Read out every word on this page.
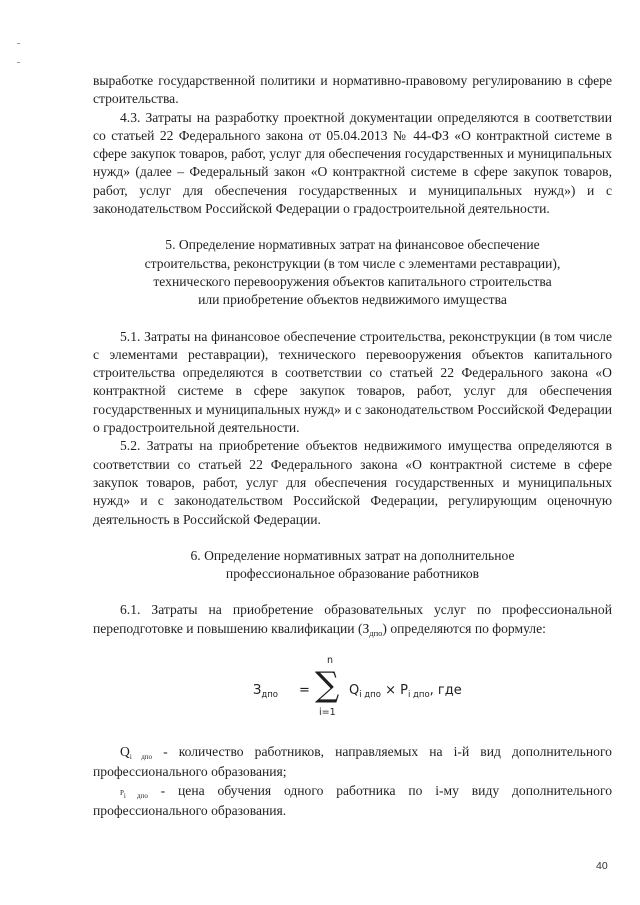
выработке государственной политики и нормативно-правовому регулированию в сфере строительства.

4.3. Затраты на разработку проектной документации определяются в соответствии со статьей 22 Федерального закона от 05.04.2013 № 44-ФЗ «О контрактной системе в сфере закупок товаров, работ, услуг для обеспечения государственных и муниципальных нужд» (далее – Федеральный закон «О контрактной системе в сфере закупок товаров, работ, услуг для обеспечения государственных и муниципальных нужд») и с законодательством Российской Федерации о градостроительной деятельности.

5. Определение нормативных затрат на финансовое обеспечение
строительства, реконструкции (в том числе с элементами реставрации),
технического перевооружения объектов капитального строительства
или приобретение объектов недвижимого имущества

5.1. Затраты на финансовое обеспечение строительства, реконструкции (в том числе с элементами реставрации), технического перевооружения объектов капитального строительства определяются в соответствии со статьей 22 Федерального закона «О контрактной системе в сфере закупок товаров, работ, услуг для обеспечения государственных и муниципальных нужд» и с законодательством Российской Федерации о градостроительной деятельности.

5.2. Затраты на приобретение объектов недвижимого имущества определяются в соответствии со статьей 22 Федерального закона «О контрактной системе в сфере закупок товаров, работ, услуг для обеспечения государственных и муниципальных нужд» и с законодательством Российской Федерации, регулирующим оценочную деятельность в Российской Федерации.

6. Определение нормативных затрат на дополнительное
профессиональное образование работников

6.1. Затраты на приобретение образовательных услуг по профессиональной переподготовке и повышению квалификации $(З_{дпо})$ определяются по формуле:

$З_{дпо}$ =
n
∑
i=1
$Q_{i дпо} \times P_{i дпо}$, где

$Q_{i дпо}$ - количество работников, направляемых на i-й вид дополнительного профессионального образования;

$P_{i дпо}$ - цена обучения одного работника по i-му виду дополнительного профессионального образования.

40
